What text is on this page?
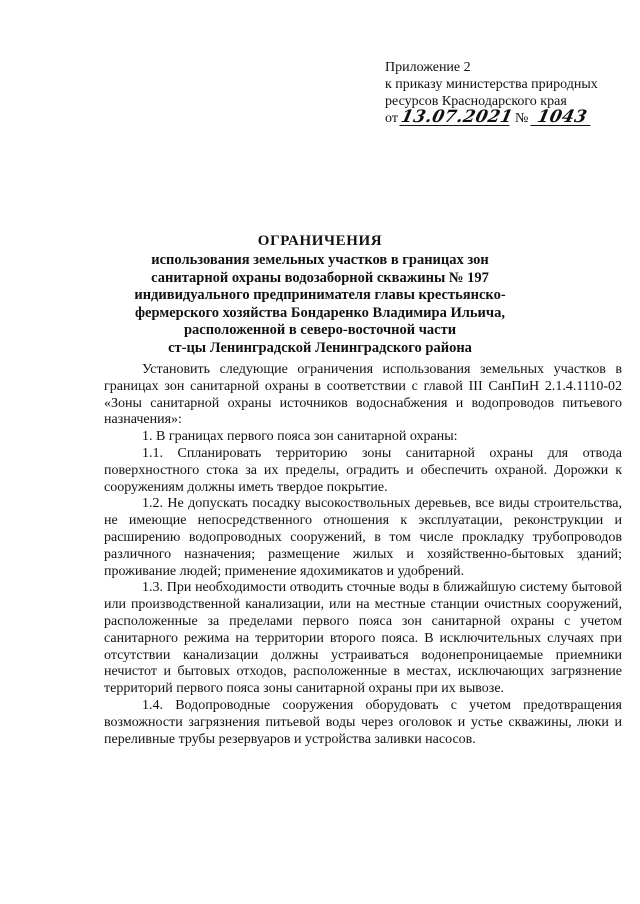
Приложение 2
к приказу министерства природных
ресурсов Краснодарского края
от 13.07.2021 № 1043
ОГРАНИЧЕНИЯ
использования земельных участков в границах зон
санитарной охраны водозаборной скважины № 197
индивидуального предпринимателя главы крестьянско-
фермерского хозяйства Бондаренко Владимира Ильича,
расположенной в северо-восточной части
ст-цы Ленинградской Ленинградского района

Установить следующие ограничения использования земельных участков в границах зон санитарной охраны в соответствии с главой III СанПиН 2.1.4.1110-02 «Зоны санитарной охраны источников водоснабжения и водопроводов питьевого назначения»:

1. В границах первого пояса зон санитарной охраны:

1.1. Спланировать территорию зоны санитарной охраны для отвода поверхностного стока за их пределы, оградить и обеспечить охраной. Дорожки к сооружениям должны иметь твердое покрытие.

1.2. Не допускать посадку высокоствольных деревьев, все виды строительства, не имеющие непосредственного отношения к эксплуатации, реконструкции и расширению водопроводных сооружений, в том числе прокладку трубопроводов различного назначения; размещение жилых и хозяйственно-бытовых зданий; проживание людей; применение ядохимикатов и удобрений.

1.3. При необходимости отводить сточные воды в ближайшую систему бытовой или производственной канализации, или на местные станции очистных сооружений, расположенные за пределами первого пояса зон санитарной охраны с учетом санитарного режима на территории второго пояса. В исключительных случаях при отсутствии канализации должны устраиваться водонепроницаемые приемники нечистот и бытовых отходов, расположенные в местах, исключающих загрязнение территорий первого пояса зоны санитарной охраны при их вывозе.

1.4. Водопроводные сооружения оборудовать с учетом предотвращения возможности загрязнения питьевой воды через оголовок и устье скважины, люки и переливные трубы резервуаров и устройства заливки насосов.
